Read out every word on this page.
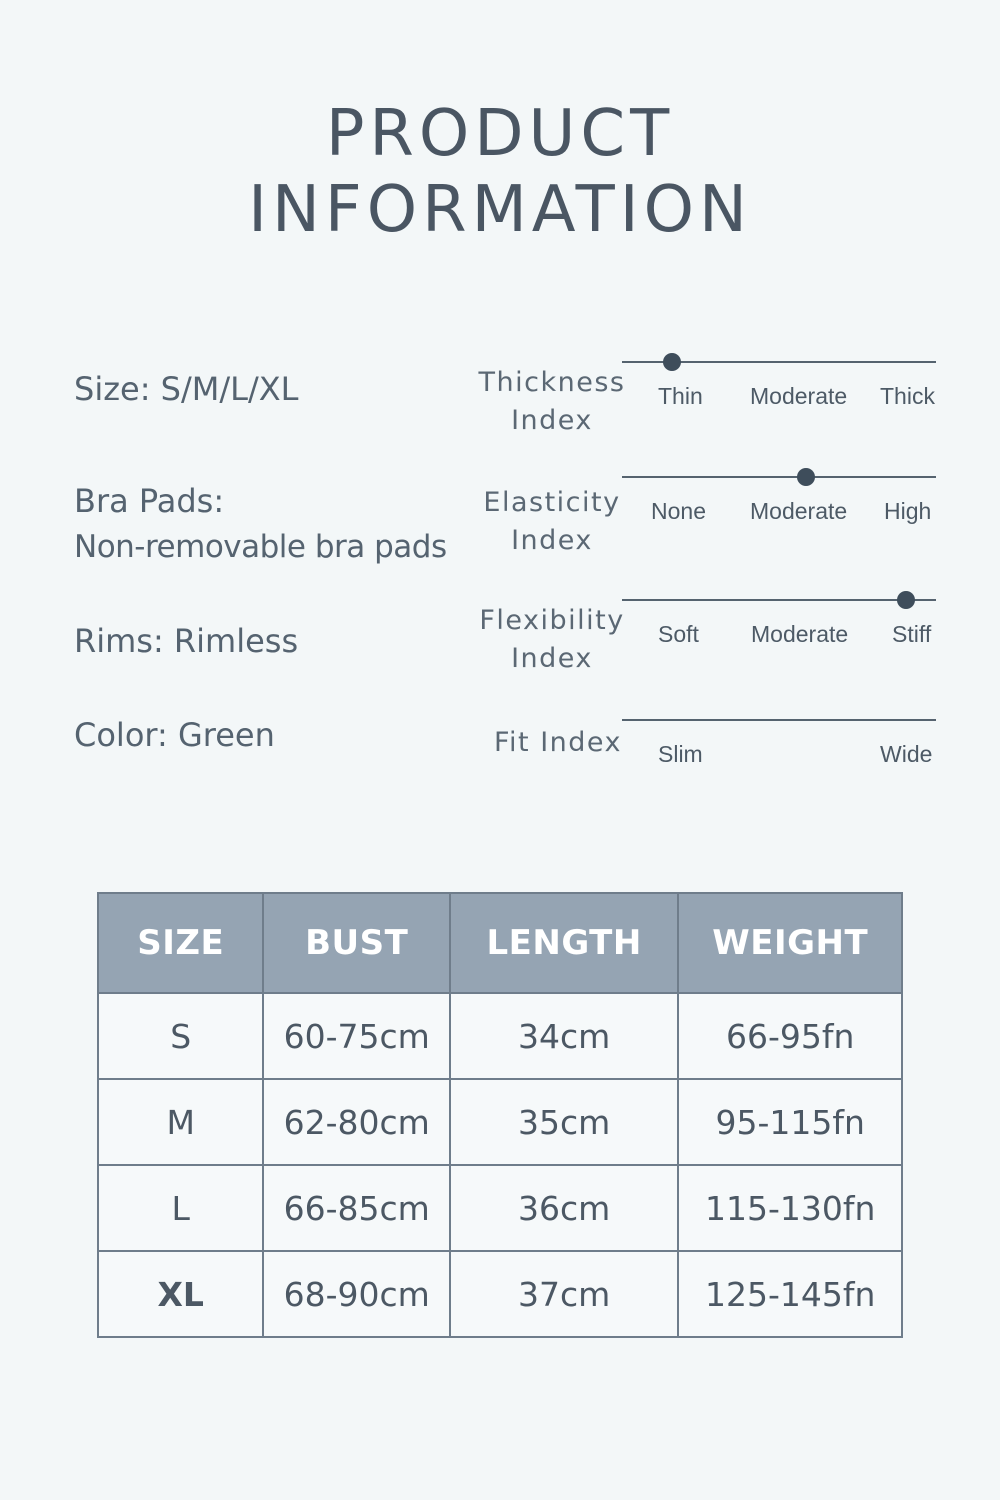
PRODUCT
INFORMATION
Size: S/M/L/XL
Bra Pads:
Non-removable bra pads
Rims: Rimless
Color: Green
Thickness
Index
Thin Moderate Thick
Elasticity
Index
None Moderate High
Flexibility
Index
Soft Moderate Stiff
Fit Index	Slim	Wide
SIZE	BUST	LENGTH	WEIGHT
S	60-75cm	34cm	66-95fn
M	62-80cm	35cm	95-115fn
L	66-85cm	36cm	115-130fn
XL	68-90cm	37cm	125-145fn
